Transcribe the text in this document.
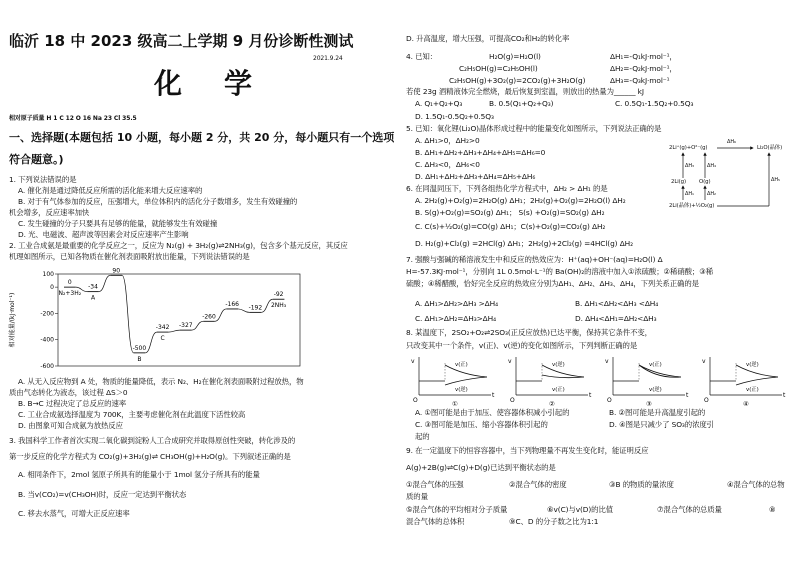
临沂 18 中 2023 级高二上学期 9 月份诊断性测试
2021.9.24
化 学
相对原子质量 H 1 C 12 O 16 Na 23 Cl 35.5
一、选择题(本题包括 10 小题，每小题 2 分，共 20 分，每小题只有一个选项
符合题意。)
1. 下列说法错误的是
A. 催化剂是通过降低反应所需的活化能来增大反应速率的
B. 对于有气体参加的反应，压强增大，单位体积内的活化分子数增多，发生有效碰撞的
机会增多，反应速率加快
C. 发生碰撞的分子只要具有足够的能量，就能够发生有效碰撞
D. 光、电磁波、超声波等因素会对反应速率产生影响
2. 工业合成氨是最重要的化学反应之一，反应为 N₂(g) + 3H₂(g)⇌2NH₃(g)，包含多个基元反应，其反应
机理如图所示，已知各物质在催化剂表面吸附放出能量，下列说法错误的是
100
0
-200
-400
-600
相对能量/(kJ·mol⁻¹)
0
N₂+3H₂
-34
A
90
-500
B
-342
C
-327
-260
-166 -192
-92
2NH₃
A. 从无入反应物到 A 处，物质的能量降低，表示 N₂、H₂在催化剂表面吸附过程放热，物
质由气态转化为液态，该过程 ΔS＞0
B. B→C 过程决定了总反应的速率
C. 工业合成氨选择温度为 700K，主要考虑催化剂在此温度下活性较高
D. 由图象可知合成氨为放热反应
3. 我国科学工作者首次实现二氧化碳到淀粉人工合成研究并取得原创性突破，转化涉及的
第一步反应的化学方程式为 CO₂(g)+3H₂(g)⇌ CH₃OH(g)+H₂O(g)。下列叙述正确的是
A. 相同条件下，2mol 氢原子所具有的能量小于 1mol 氢分子所具有的能量
B. 当v(CO₂)=v(CH₃OH)时，反应一定达到平衡状态
C. 移去水蒸气，可增大正反应速率
D. 升高温度，增大压强，可提高CO₂和H₂的转化率
4. 已知：	H₂O(g)=H₂O(l)	ΔH₁=-Q₁kJ·mol⁻¹，
C₂H₅OH(g)=C₂H₅OH(l)	ΔH₂=-Q₂kJ·mol⁻¹，
C₂H₅OH(g)+3O₂(g)=2CO₂(g)+3H₂O(g)	ΔH₃=-Q₃kJ·mol⁻¹
若使 23g 酒精液体完全燃烧，最后恢复到室温，则放出的热量为______ kJ
A. Q₁+Q₂+Q₃	B. 0.5(Q₁+Q₂+Q₃)	C. 0.5Q₁-1.5Q₂+0.5Q₃
D. 1.5Q₁-0.5Q₂+0.5Q₃
5. 已知：氧化锂(Li₂O)晶体形成过程中的能量变化如图所示，下列说法正确的是
A. ΔH₁>0，ΔH₂>0
B. ΔH₁+ΔH₂+ΔH₃+ΔH₄+ΔH₅=ΔH₆=0
C. ΔH₃<0，ΔH₆<0
D. ΔH₁+ΔH₂+ΔH₃+ΔH₄=ΔH₅+ΔH₆
2Li⁺(g)+O²⁻(g)	Li₂O(晶体)
2Li(g) O(g)
2Li(晶体)+½O₂(g)
ΔH₆
ΔH₃	ΔH₄
ΔH₁	ΔH₂
ΔH₅
6. 在同温同压下，下列各组热化学方程式中，ΔH₂ > ΔH₁ 的是
A. 2H₂(g)+O₂(g)=2H₂O(g) ΔH₁；2H₂(g)+O₂(g)=2H₂O(l) ΔH₂
B. S(g)+O₂(g)=SO₂(g) ΔH₁； S(s) +O₂(g)=SO₂(g) ΔH₂
C. C(s)+½O₂(g)=CO(g) ΔH₁；C(s)+O₂(g)=CO₂(g) ΔH₂
D. H₂(g)+Cl₂(g) =2HCl(g) ΔH₁；2H₂(g)+2Cl₂(g) =4HCl(g) ΔH₂
7. 强酸与强碱的稀溶液发生中和反应的热效应为：H⁺(aq)+OH⁻(aq)=H₂O(l) Δ
H=-57.3KJ·mol⁻¹，分别向 1L 0.5mol·L⁻¹的 Ba(OH)₂的溶液中加入①浓硫酸；②稀硝酸；③稀
硫酸；④稀醋酸，恰好完全反应的热效应分别为ΔH₁、ΔH₂、ΔH₃、ΔH₄，下列关系正确的是
A. ΔH₁>ΔH₂>ΔH₃ >ΔH₄	B. ΔH₁<ΔH₂<ΔH₃ <ΔH₄
C. ΔH₁>ΔH₂=ΔH₃>ΔH₄	D. ΔH₄<ΔH₁=ΔH₂<ΔH₃
8. 某温度下，2SO₂+O₂⇌2SO₃(正反应放热)已达平衡，保持其它条件不变，
只改变其中一个条件，v(正)、v(逆)的变化如图所示，下列判断正确的是
v
t
O
v(正)
v(逆)
①
v
t
O
v(逆)
v(正)
②
v
t
O
v(正)
v(逆)
③
v
t
O
v(逆)
v(正)
④
A. ①图可能是由于加压、使容器体积减小引起的	B. ②图可能是升高温度引起的
C. ③图可能是加压、缩小容器体积引起的	D. ④图是只减少了 SO₃的浓度引
起的
9. 在一定温度下的恒容容器中，当下列物理量不再发生变化时，能证明反应
A(g)+2B(g)⇌C(g)+D(g)已达到平衡状态的是
①混合气体的压强	②混合气体的密度	③B 的物质的量浓度	④混合气体的总物
质的量
⑤混合气体的平均相对分子质量	⑥v(C)与v(D)的比值	⑦混合气体的总质量	⑧
混合气体的总体积	⑨C、D 的分子数之比为1:1
